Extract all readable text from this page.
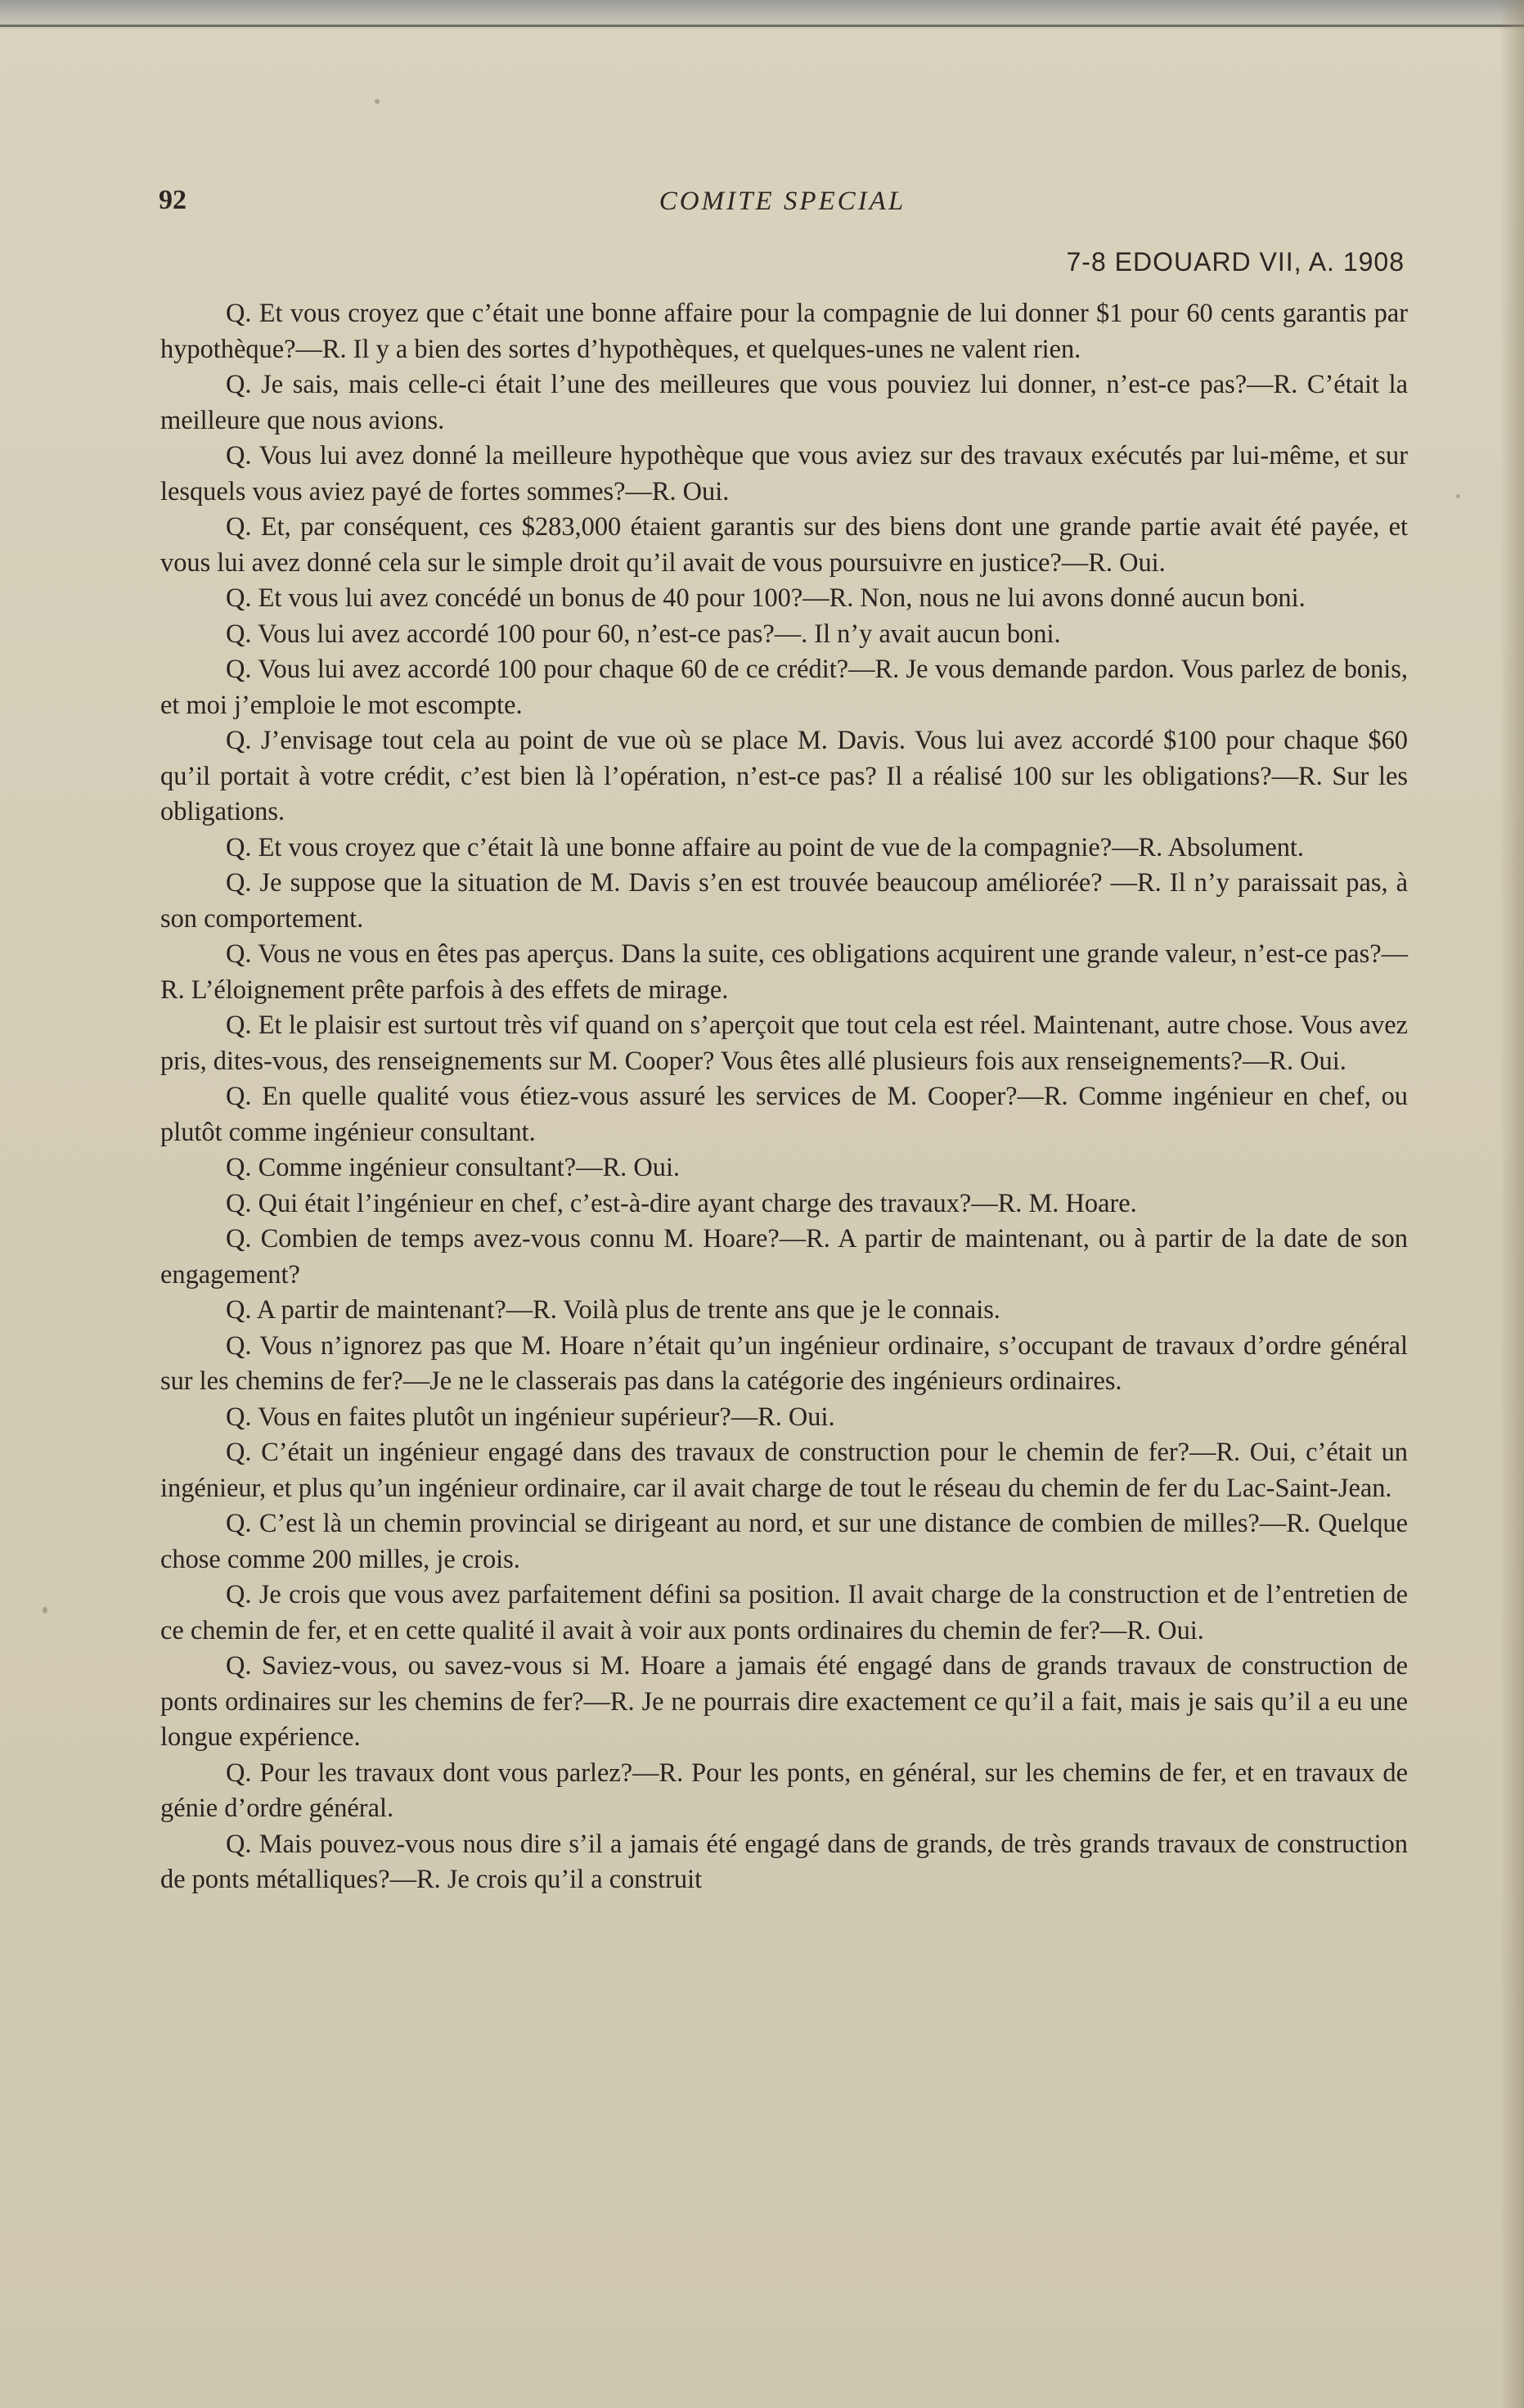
92	COMITE SPECIAL
7-8 EDOUARD VII, A. 1908

Q. Et vous croyez que c’était une bonne affaire pour la compagnie de lui donner $1 pour 60 cents garantis par hypothèque?—R. Il y a bien des sortes d’hypothèques, et quelques-unes ne valent rien.

Q. Je sais, mais celle-ci était l’une des meilleures que vous pouviez lui donner, n’est-ce pas?—R. C’était la meilleure que nous avions.

Q. Vous lui avez donné la meilleure hypothèque que vous aviez sur des travaux exécutés par lui-même, et sur lesquels vous aviez payé de fortes sommes?—R. Oui.

Q. Et, par conséquent, ces $283,000 étaient garantis sur des biens dont une grande partie avait été payée, et vous lui avez donné cela sur le simple droit qu’il avait de vous poursuivre en justice?—R. Oui.

Q. Et vous lui avez concédé un bonus de 40 pour 100?—R. Non, nous ne lui avons donné aucun boni.

Q. Vous lui avez accordé 100 pour 60, n’est-ce pas?—. Il n’y avait aucun boni.

Q. Vous lui avez accordé 100 pour chaque 60 de ce crédit?—R. Je vous demande pardon. Vous parlez de bonis, et moi j’emploie le mot escompte.

Q. J’envisage tout cela au point de vue où se place M. Davis. Vous lui avez accordé $100 pour chaque $60 qu’il portait à votre crédit, c’est bien là l’opération, n’est-ce pas? Il a réalisé 100 sur les obligations?—R. Sur les obligations.

Q. Et vous croyez que c’était là une bonne affaire au point de vue de la compagnie?—R. Absolument.

Q. Je suppose que la situation de M. Davis s’en est trouvée beaucoup améliorée? —R. Il n’y paraissait pas, à son comportement.

Q. Vous ne vous en êtes pas aperçus. Dans la suite, ces obligations acquirent une grande valeur, n’est-ce pas?—R. L’éloignement prête parfois à des effets de mirage.

Q. Et le plaisir est surtout très vif quand on s’aperçoit que tout cela est réel. Maintenant, autre chose. Vous avez pris, dites-vous, des renseignements sur M. Cooper? Vous êtes allé plusieurs fois aux renseignements?—R. Oui.

Q. En quelle qualité vous étiez-vous assuré les services de M. Cooper?—R. Comme ingénieur en chef, ou plutôt comme ingénieur consultant.

Q. Comme ingénieur consultant?—R. Oui.

Q. Qui était l’ingénieur en chef, c’est-à-dire ayant charge des travaux?—R. M. Hoare.

Q. Combien de temps avez-vous connu M. Hoare?—R. A partir de maintenant, ou à partir de la date de son engagement?

Q. A partir de maintenant?—R. Voilà plus de trente ans que je le connais.

Q. Vous n’ignorez pas que M. Hoare n’était qu’un ingénieur ordinaire, s’occupant de travaux d’ordre général sur les chemins de fer?—Je ne le classerais pas dans la catégorie des ingénieurs ordinaires.

Q. Vous en faites plutôt un ingénieur supérieur?—R. Oui.

Q. C’était un ingénieur engagé dans des travaux de construction pour le chemin de fer?—R. Oui, c’était un ingénieur, et plus qu’un ingénieur ordinaire, car il avait charge de tout le réseau du chemin de fer du Lac-Saint-Jean.

Q. C’est là un chemin provincial se dirigeant au nord, et sur une distance de combien de milles?—R. Quelque chose comme 200 milles, je crois.

Q. Je crois que vous avez parfaitement défini sa position. Il avait charge de la construction et de l’entretien de ce chemin de fer, et en cette qualité il avait à voir aux ponts ordinaires du chemin de fer?—R. Oui.

Q. Saviez-vous, ou savez-vous si M. Hoare a jamais été engagé dans de grands travaux de construction de ponts ordinaires sur les chemins de fer?—R. Je ne pourrais dire exactement ce qu’il a fait, mais je sais qu’il a eu une longue expérience.

Q. Pour les travaux dont vous parlez?—R. Pour les ponts, en général, sur les chemins de fer, et en travaux de génie d’ordre général.

Q. Mais pouvez-vous nous dire s’il a jamais été engagé dans de grands, de très grands travaux de construction de ponts métalliques?—R. Je crois qu’il a construit
